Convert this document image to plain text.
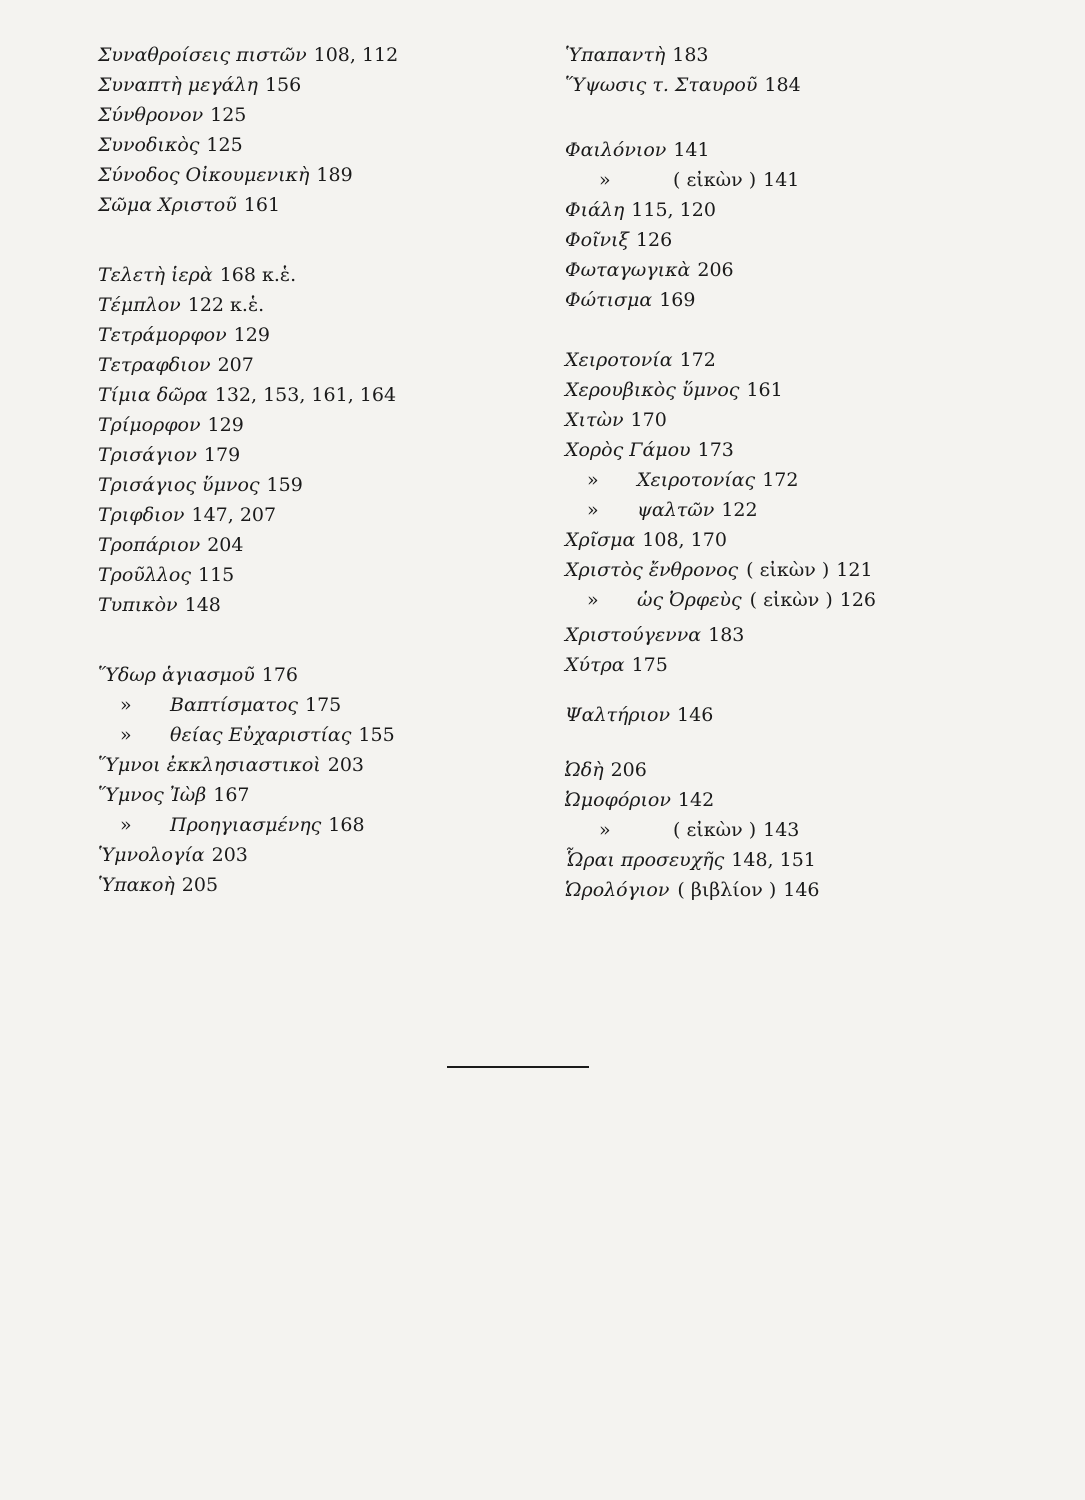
Συναθροίσεις πιστῶν 108, 112
Συναπτὴ μεγάλη 156
Σύνθρονον 125
Συνοδικὸς 125
Σύνοδος Οἰκουμενικὴ 189
Σῶμα Χριστοῦ 161
Τελετὴ ἱερὰ 168 κ.ἑ.
Τέμπλον 122 κ.ἑ.
Τετράμορφον 129
Τετραφδιον 207
Τίμια δῶρα 132, 153, 161, 164
Τρίμορφον 129
Τρισάγιον 179
Τρισάγιος ὕμνος 159
Τριφδιον 147, 207
Τροπάριον 204
Τροῦλλος 115
Τυπικὸν 148
Ὕδωρ ἁγιασμοῦ 176
» Βαπτίσματος 175
» θείας Εὐχαριστίας 155
Ὕμνοι ἐκκλησιαστικοὶ 203
Ὕμνος Ἰὼβ 167
» Προηγιασμένης 168
Ὑμνολογία 203
Ὑπακοὴ 205
Ὑπαπαντὴ 183
Ὕψωσις τ. Σταυροῦ 184
Φαιλόνιον 141
»	( εἰκὼν ) 141
Φιάλη 115, 120
Φοῖνιξ 126
Φωταγωγικὰ 206
Φώτισμα 169
Χειροτονία 172
Χερουβικὸς ὕμνος 161
Χιτὼν 170
Χορὸς Γάμου 173
» Χειροτονίας 172
» ψαλτῶν 122
Χρῖσμα 108, 170
Χριστὸς ἔνθρονος ( εἰκὼν ) 121
» ὡς Ὀρφεὺς ( εἰκὼν ) 126
Χριστούγεννα 183
Χύτρα 175
Ψαλτήριον 146
Ὠδὴ 206
Ὠμοφόριον 142
»	( εἰκὼν ) 143
Ὧραι προσευχῆς 148, 151
Ὡρολόγιον ( βιβλίον ) 146
